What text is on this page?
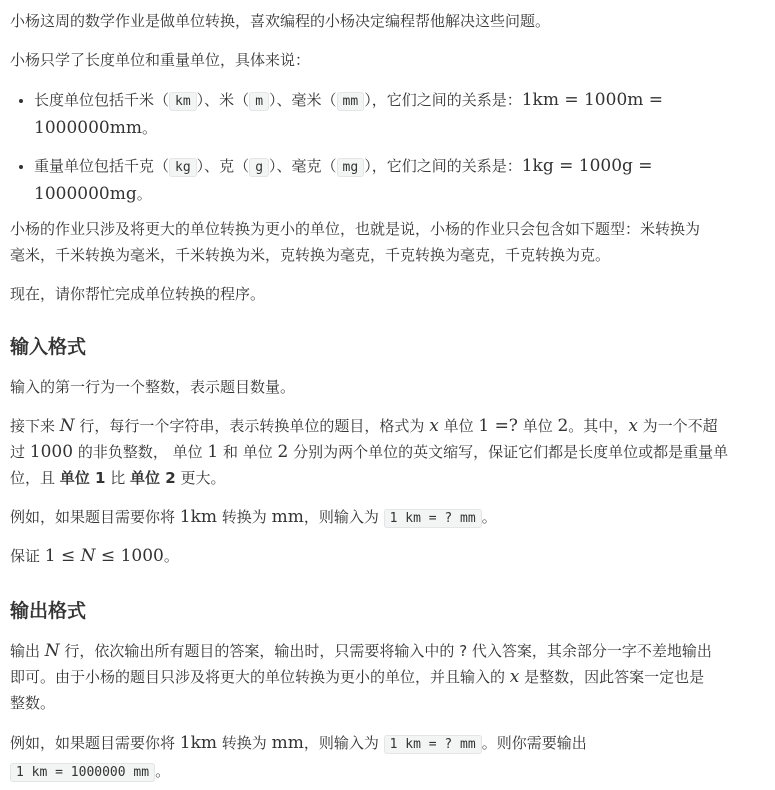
小杨这周的数学作业是做单位转换，喜欢编程的小杨决定编程帮他解决这些问题。

小杨只学了长度单位和重量单位，具体来说：

• 长度单位包括千米（ km ）、米（ m ）、毫米（ mm ），它们之间的关系是：1km = 1000m =
1000000mm。
• 重量单位包括千克（ kg ）、克（ g ）、毫克（ mg ），它们之间的关系是：1kg = 1000g =
1000000mg。

小杨的作业只涉及将更大的单位转换为更小的单位，也就是说，小杨的作业只会包含如下题型：米转换为
毫米，千米转换为毫米，千米转换为米，克转换为毫克，千克转换为毫克，千克转换为克。

现在，请你帮忙完成单位转换的程序。

输入格式

输入的第一行为一个整数，表示题目数量。

接下来 N 行，每行一个字符串，表示转换单位的题目，格式为 x 单位 1 =? 单位 2。其中，x 为一个不超
过 1000 的非负整数， 单位 1 和 单位 2 分别为两个单位的英文缩写，保证它们都是长度单位或都是重量单
位，且 单位 1 比 单位 2 更大。

例如，如果题目需要你将 1km 转换为 mm，则输入为 1 km = ? mm 。

保证 1 ≤ N ≤ 1000。

输出格式

输出 N 行，依次输出所有题目的答案，输出时，只需要将输入中的 ? 代入答案，其余部分一字不差地输出
即可。由于小杨的题目只涉及将更大的单位转换为更小的单位，并且输入的 x 是整数，因此答案一定也是
整数。

例如，如果题目需要你将 1km 转换为 mm，则输入为 1 km = ? mm 。则你需要输出
1 km = 1000000 mm 。
